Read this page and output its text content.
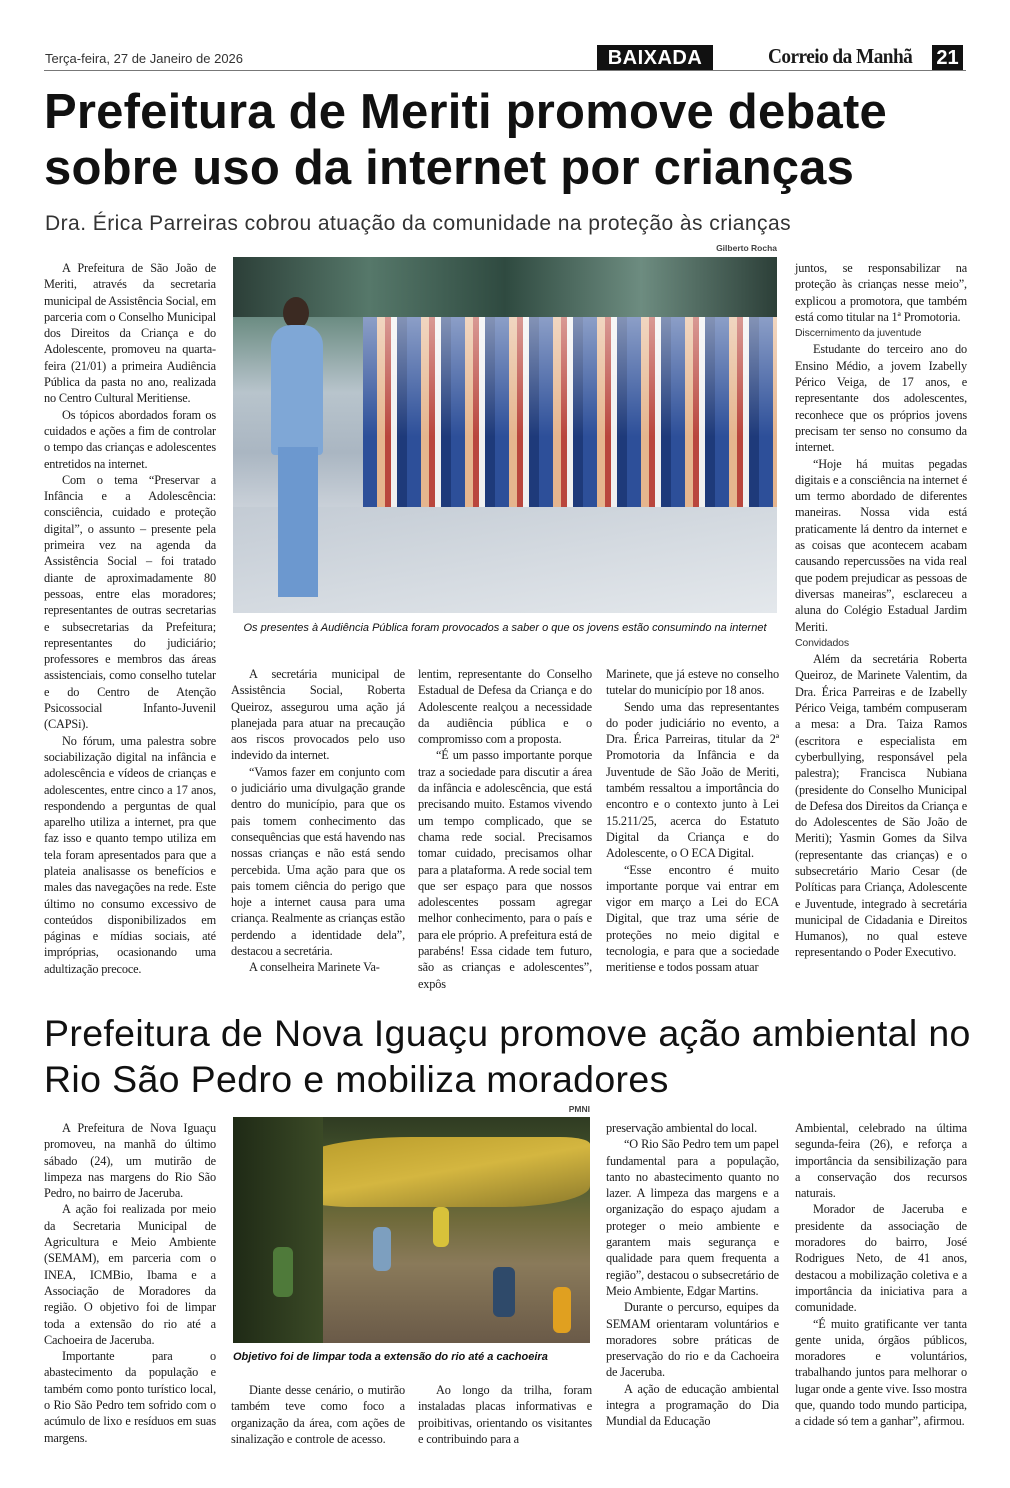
Terça-feira, 27 de Janeiro de 2026	BAIXADA	Correio da Manhã 21
Prefeitura de Meriti promove debate sobre uso da internet por crianças
Dra. Érica Parreiras cobrou atuação da comunidade na proteção às crianças
Gilberto Rocha
Os presentes à Audiência Pública foram provocados a saber o que os jovens estão consumindo na internet

A Prefeitura de São João de Meriti, através da secretaria municipal de Assistência Social, em parceria com o Conselho Municipal dos Direitos da Criança e do Adolescente, promoveu na quarta-feira (21/01) a primeira Audiência Pública da pasta no ano, realizada no Centro Cultural Meritiense.

Os tópicos abordados foram os cuidados e ações a fim de controlar o tempo das crianças e adolescentes entretidos na internet.

Com o tema “Preservar a Infância e a Adolescência: consciência, cuidado e proteção digital”, o assunto – presente pela primeira vez na agenda da Assistência Social – foi tratado diante de aproximadamente 80 pessoas, entre elas moradores; representantes de outras secretarias e subsecretarias da Prefeitura; representantes do judiciário; professores e membros das áreas assistenciais, como conselho tutelar e do Centro de Atenção Psicossocial Infanto-Juvenil (CAPSi).

No fórum, uma palestra sobre sociabilização digital na infância e adolescência e vídeos de crianças e adolescentes, entre cinco a 17 anos, respondendo a perguntas de qual aparelho utiliza a internet, pra que faz isso e quanto tempo utiliza em tela foram apresentados para que a plateia analisasse os benefícios e males das navegações na rede. Este último no consumo excessivo de conteúdos disponibilizados em páginas e mídias sociais, até impróprias, ocasionando uma adultização precoce.

A secretária municipal de Assistência Social, Roberta Queiroz, assegurou uma ação já planejada para atuar na precaução aos riscos provocados pelo uso indevido da internet.

“Vamos fazer em conjunto com o judiciário uma divulgação grande dentro do município, para que os pais tomem conhecimento das consequências que está havendo nas nossas crianças e não está sendo percebida. Uma ação para que os pais tomem ciência do perigo que hoje a internet causa para uma criança. Realmente as crianças estão perdendo a identidade dela”, destacou a secretária.

A conselheira Marinete Va-

lentim, representante do Conselho Estadual de Defesa da Criança e do Adolescente realçou a necessidade da audiência pública e o compromisso com a proposta.

“É um passo importante porque traz a sociedade para discutir a área da infância e adolescência, que está precisando muito. Estamos vivendo um tempo complicado, que se chama rede social. Precisamos tomar cuidado, precisamos olhar para a plataforma. A rede social tem que ser espaço para que nossos adolescentes possam agregar melhor conhecimento, para o país e para ele próprio. A prefeitura está de parabéns! Essa cidade tem futuro, são as crianças e adolescentes”, expôs

Marinete, que já esteve no conselho tutelar do município por 18 anos.

Sendo uma das representantes do poder judiciário no evento, a Dra. Érica Parreiras, titular da 2ª Promotoria da Infância e da Juventude de São João de Meriti, também ressaltou a importância do encontro e o contexto junto à Lei 15.211/25, acerca do Estatuto Digital da Criança e do Adolescente, o O ECA Digital.

“Esse encontro é muito importante porque vai entrar em vigor em março a Lei do ECA Digital, que traz uma série de proteções no meio digital e tecnologia, e para que a sociedade meritiense e todos possam atuar

juntos, se responsabilizar na proteção às crianças nesse meio”, explicou a promotora, que também está como titular na 1ª Promotoria.

Discernimento da juventude

Estudante do terceiro ano do Ensino Médio, a jovem Izabelly Périco Veiga, de 17 anos, e representante dos adolescentes, reconhece que os próprios jovens precisam ter senso no consumo da internet.

“Hoje há muitas pegadas digitais e a consciência na internet é um termo abordado de diferentes maneiras. Nossa vida está praticamente lá dentro da internet e as coisas que acontecem acabam causando repercussões na vida real que podem prejudicar as pessoas de diversas maneiras”, esclareceu a aluna do Colégio Estadual Jardim Meriti.

Convidados

Além da secretária Roberta Queiroz, de Marinete Valentim, da Dra. Érica Parreiras e de Izabelly Périco Veiga, também compuseram a mesa: a Dra. Taiza Ramos (escritora e especialista em cyberbullying, responsável pela palestra); Francisca Nubiana (presidente do Conselho Municipal de Defesa dos Direitos da Criança e do Adolescentes de São João de Meriti); Yasmin Gomes da Silva (representante das crianças) e o subsecretário Mario Cesar (de Políticas para Criança, Adolescente e Juventude, integrado à secretária municipal de Cidadania e Direitos Humanos), no qual esteve representando o Poder Executivo.

Prefeitura de Nova Iguaçu promove ação ambiental no Rio São Pedro e mobiliza moradores
PMNI
Objetivo foi de limpar toda a extensão do rio até a cachoeira

A Prefeitura de Nova Iguaçu promoveu, na manhã do último sábado (24), um mutirão de limpeza nas margens do Rio São Pedro, no bairro de Jaceruba.

A ação foi realizada por meio da Secretaria Municipal de Agricultura e Meio Ambiente (SEMAM), em parceria com o INEA, ICMBio, Ibama e a Associação de Moradores da região. O objetivo foi de limpar toda a extensão do rio até a Cachoeira de Jaceruba.

Importante para o abastecimento da população e também como ponto turístico local, o Rio São Pedro tem sofrido com o acúmulo de lixo e resíduos em suas margens.

Diante desse cenário, o mutirão também teve como foco a organização da área, com ações de sinalização e controle de acesso.

Ao longo da trilha, foram instaladas placas informativas e proibitivas, orientando os visitantes e contribuindo para a

preservação ambiental do local.

“O Rio São Pedro tem um papel fundamental para a população, tanto no abastecimento quanto no lazer. A limpeza das margens e a organização do espaço ajudam a proteger o meio ambiente e garantem mais segurança e qualidade para quem frequenta a região”, destacou o subsecretário de Meio Ambiente, Edgar Martins.

Durante o percurso, equipes da SEMAM orientaram voluntários e moradores sobre práticas de preservação do rio e da Cachoeira de Jaceruba.

A ação de educação ambiental integra a programação do Dia Mundial da Educação

Ambiental, celebrado na última segunda-feira (26), e reforça a importância da sensibilização para a conservação dos recursos naturais.

Morador de Jaceruba e presidente da associação de moradores do bairro, José Rodrigues Neto, de 41 anos, destacou a mobilização coletiva e a importância da iniciativa para a comunidade.

“É muito gratificante ver tanta gente unida, órgãos públicos, moradores e voluntários, trabalhando juntos para melhorar o lugar onde a gente vive. Isso mostra que, quando todo mundo participa, a cidade só tem a ganhar”, afirmou.
